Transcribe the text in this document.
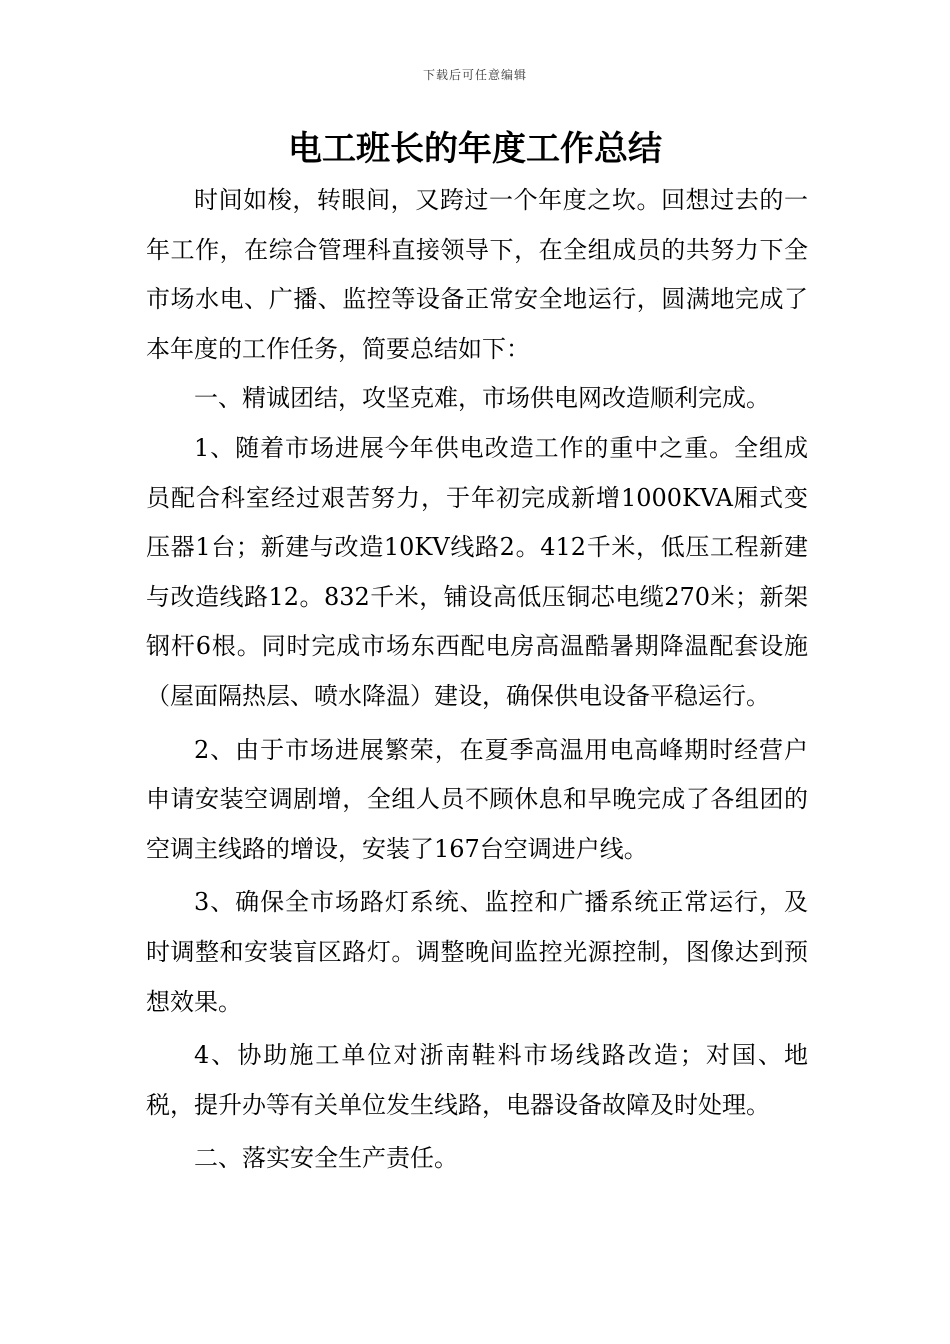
下载后可任意编辑
电工班长的年度工作总结

时间如梭，转眼间，又跨过一个年度之坎。回想过去的一年工作，在综合管理科直接领导下，在全组成员的共努力下全市场水电、广播、监控等设备正常安全地运行，圆满地完成了本年度的工作任务，简要总结如下：

一、精诚团结，攻坚克难，市场供电网改造顺利完成。

1、随着市场进展今年供电改造工作的重中之重。全组成员配合科室经过艰苦努力，于年初完成新增1000KVA厢式变压器1台；新建与改造10KV线路2。412千米，低压工程新建与改造线路12。832千米，铺设高低压铜芯电缆270米；新架钢杆6根。同时完成市场东西配电房高温酷暑期降温配套设施（屋面隔热层、喷水降温）建设，确保供电设备平稳运行。

2、由于市场进展繁荣，在夏季高温用电高峰期时经营户申请安装空调剧增，全组人员不顾休息和早晚完成了各组团的空调主线路的增设，安装了167台空调进户线。

3、确保全市场路灯系统、监控和广播系统正常运行，及时调整和安装盲区路灯。调整晚间监控光源控制，图像达到预想效果。

4、协助施工单位对浙南鞋料市场线路改造；对国、地税，提升办等有关单位发生线路，电器设备故障及时处理。

二、落实安全生产责任。
